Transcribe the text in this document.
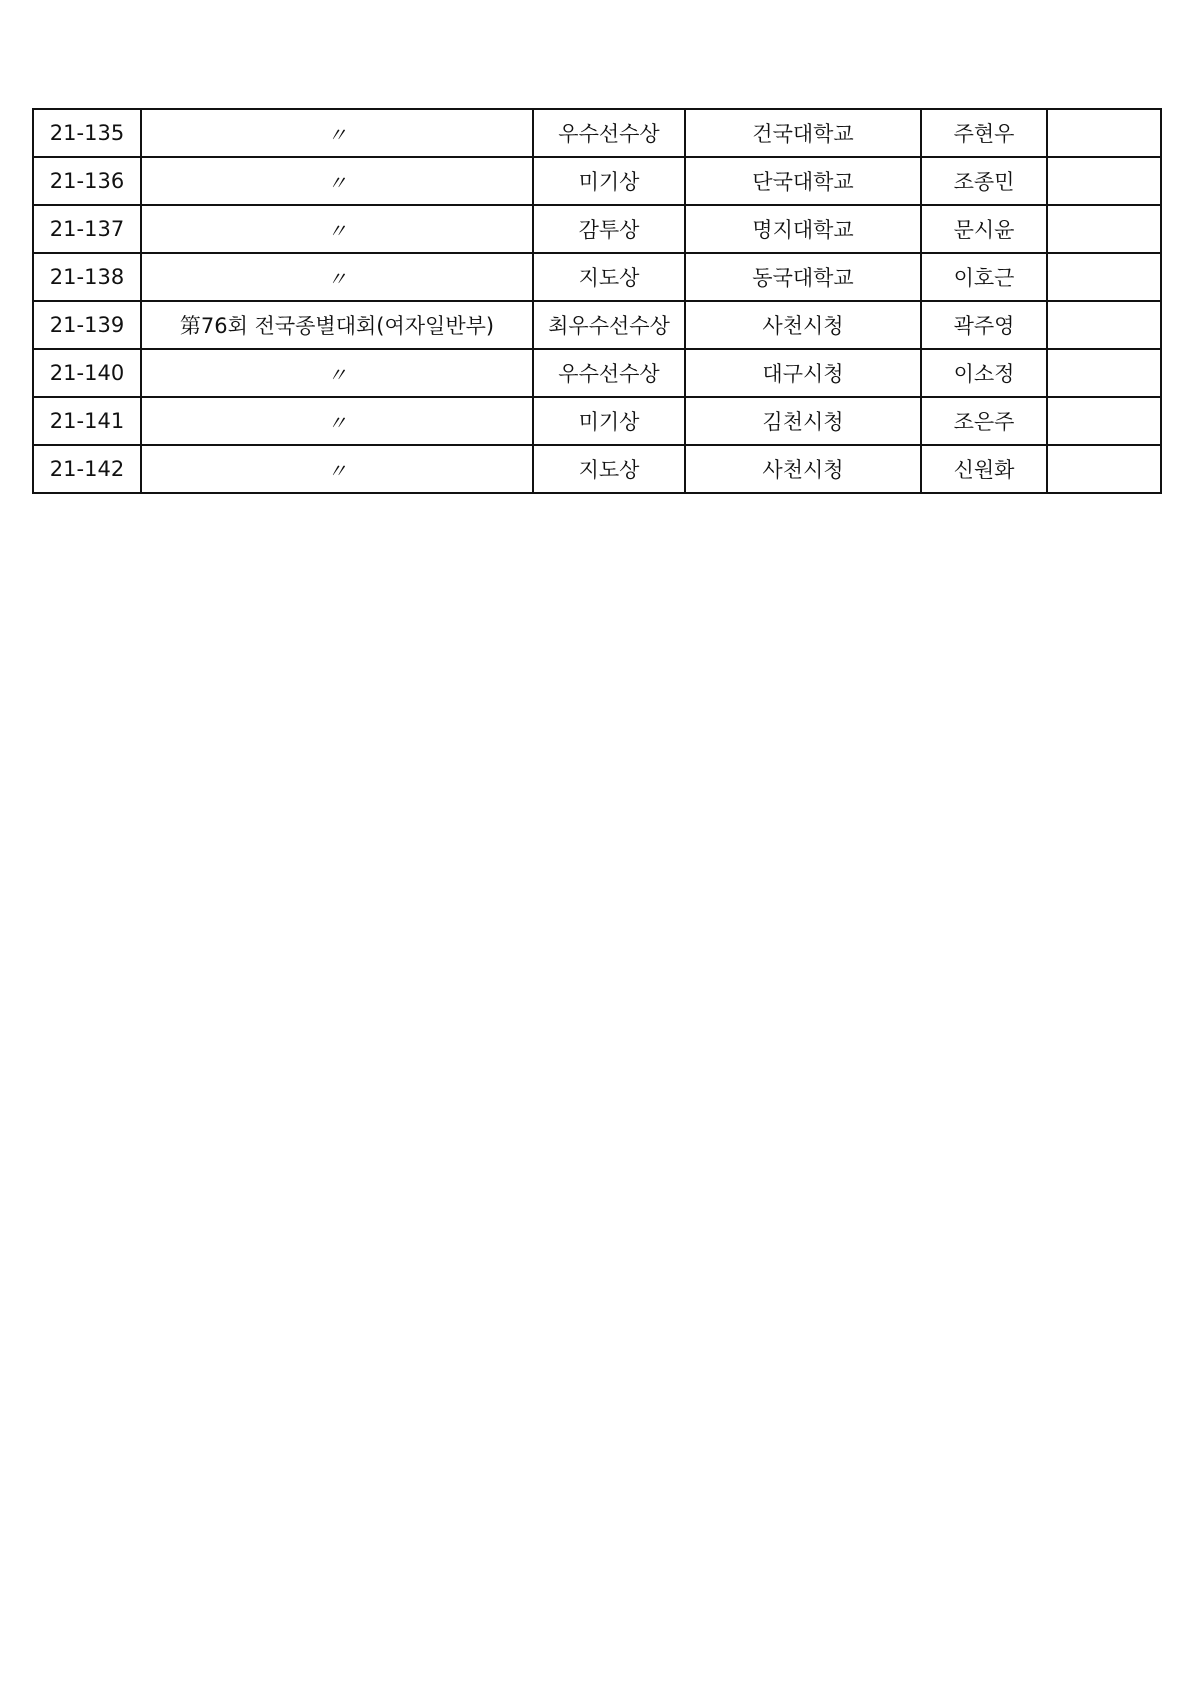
21-135	〃	우수선수상	건국대학교	주현우	
21-136	〃	미기상	단국대학교	조종민	
21-137	〃	감투상	명지대학교	문시윤	
21-138	〃	지도상	동국대학교	이호근	
21-139	第76회 전국종별대회(여자일반부)	최우수선수상	사천시청	곽주영	
21-140	〃	우수선수상	대구시청	이소정	
21-141	〃	미기상	김천시청	조은주	
21-142	〃	지도상	사천시청	신원화	
